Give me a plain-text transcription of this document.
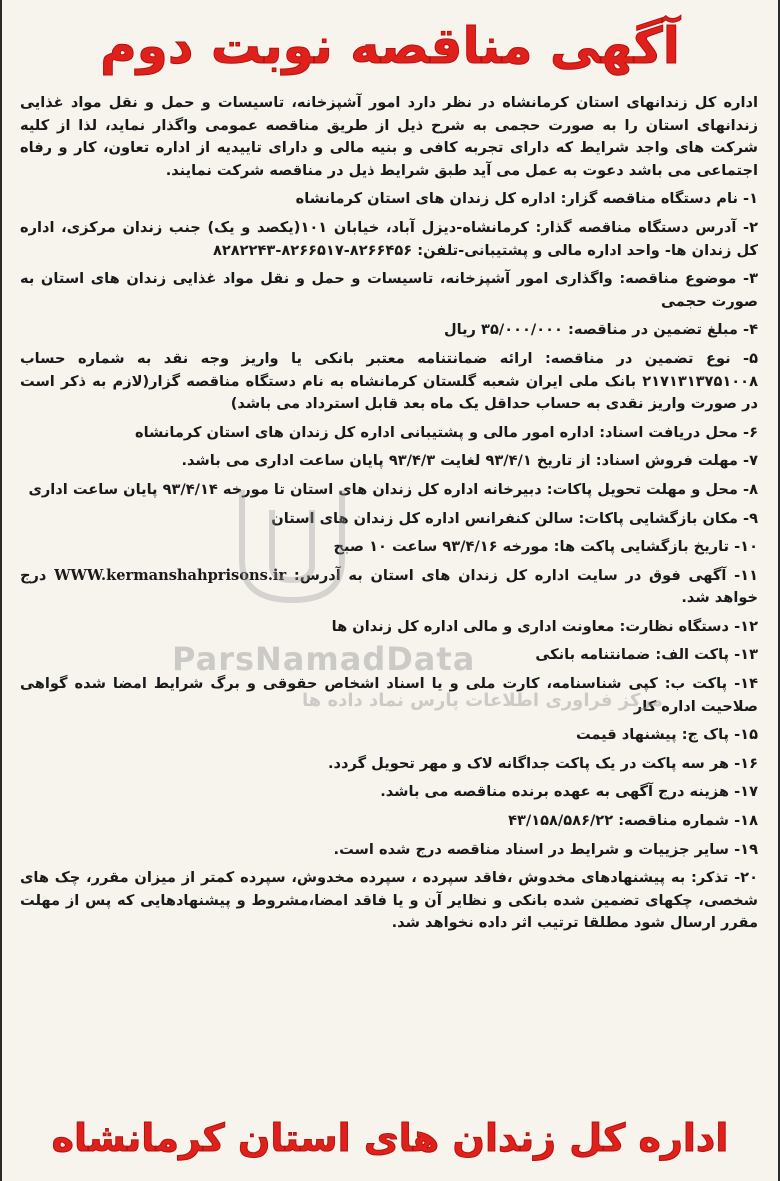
آگهی مناقصه نوبت دوم

اداره کل زندانهای استان کرمانشاه در نظر دارد امور آشپزخانه، تاسیسات و حمل و نقل مواد غذایی زندانهای استان را به صورت حجمی به شرح ذیل از طریق مناقصه عمومی واگذار نماید، لذا از کلیه شرکت های واجد شرایط که دارای تجربه کافی و بنیه مالی و دارای تاییدیه از اداره تعاون، کار و رفاه اجتماعی می باشد دعوت به عمل می آید طبق شرایط ذیل در مناقصه شرکت نمایند.

۱- نام دستگاه مناقصه گزار: اداره کل زندان های استان کرمانشاه

۲- آدرس دستگاه مناقصه گذار: کرمانشاه-دیزل آباد، خیابان ۱۰۱(یکصد و یک) جنب زندان مرکزی، اداره کل زندان ها- واحد اداره مالی و پشتیبانی-تلفن: ۸۲۶۶۴۵۶-۸۲۶۶۵۱۷-۸۲۸۲۲۴۳

۳- موضوع مناقصه: واگذاری امور آشپزخانه، تاسیسات و حمل و نقل مواد غذایی زندان های استان به صورت حجمی

۴- مبلغ تضمین در مناقصه: ۳۵/۰۰۰/۰۰۰ ریال

۵- نوع تضمین در مناقصه: ارائه ضمانتنامه معتبر بانکی یا واریز وجه نقد به شماره حساب ۲۱۷۱۳۱۳۷۵۱۰۰۸ بانک ملی ایران شعبه گلستان کرمانشاه به نام دستگاه مناقصه گزار(لازم به ذکر است در صورت واریز نقدی به حساب حداقل یک ماه بعد قابل استرداد می باشد)

۶- محل دریافت اسناد: اداره امور مالی و پشتیبانی اداره کل زندان های استان کرمانشاه

۷- مهلت فروش اسناد: از تاریخ ۹۳/۴/۱ لغایت ۹۳/۴/۳ پایان ساعت اداری می باشد.

۸- محل و مهلت تحویل پاکات: دبیرخانه اداره کل زندان های استان تا مورخه ۹۳/۴/۱۴ پایان ساعت اداری

۹- مکان بازگشایی پاکات: سالن کنفرانس اداره کل زندان های استان

۱۰- تاریخ بازگشایی پاکت ها: مورخه ۹۳/۴/۱۶ ساعت ۱۰ صبح

۱۱- آگهی فوق در سایت اداره کل زندان های استان به آدرس: WWW.kermanshahprisons.ir درج خواهد شد.

۱۲- دستگاه نظارت: معاونت اداری و مالی اداره کل زندان ها

۱۳- پاکت الف: ضمانتنامه بانکی

۱۴- پاکت ب: کپی شناسنامه، کارت ملی و یا اسناد اشخاص حقوقی و برگ شرایط امضا شده گواهی صلاحیت اداره کار

۱۵- پاک ج: پیشنهاد قیمت

۱۶- هر سه پاکت در یک پاکت جداگانه لاک و مهر تحویل گردد.

۱۷- هزینه درج آگهی به عهده برنده مناقصه می باشد.

۱۸- شماره مناقصه: ۴۳/۱۵۸/۵۸۶/۲۲

۱۹- سایر جزییات و شرایط در اسناد مناقصه درج شده است.

۲۰- تذکر: به پیشنهادهای مخدوش ،فاقد سپرده ، سپرده مخدوش، سپرده کمتر از میزان مقرر، چک های شخصی، چکهای تضمین شده بانکی و نظایر آن و یا فاقد امضا،مشروط و پیشنهادهایی که پس از مهلت مقرر ارسال شود مطلقا ترتیب اثر داده نخواهد شد.

ParsNamadData
مرکز فراوری اطلاعات پارس نماد داده ها
اداره کل زندان های استان کرمانشاه
